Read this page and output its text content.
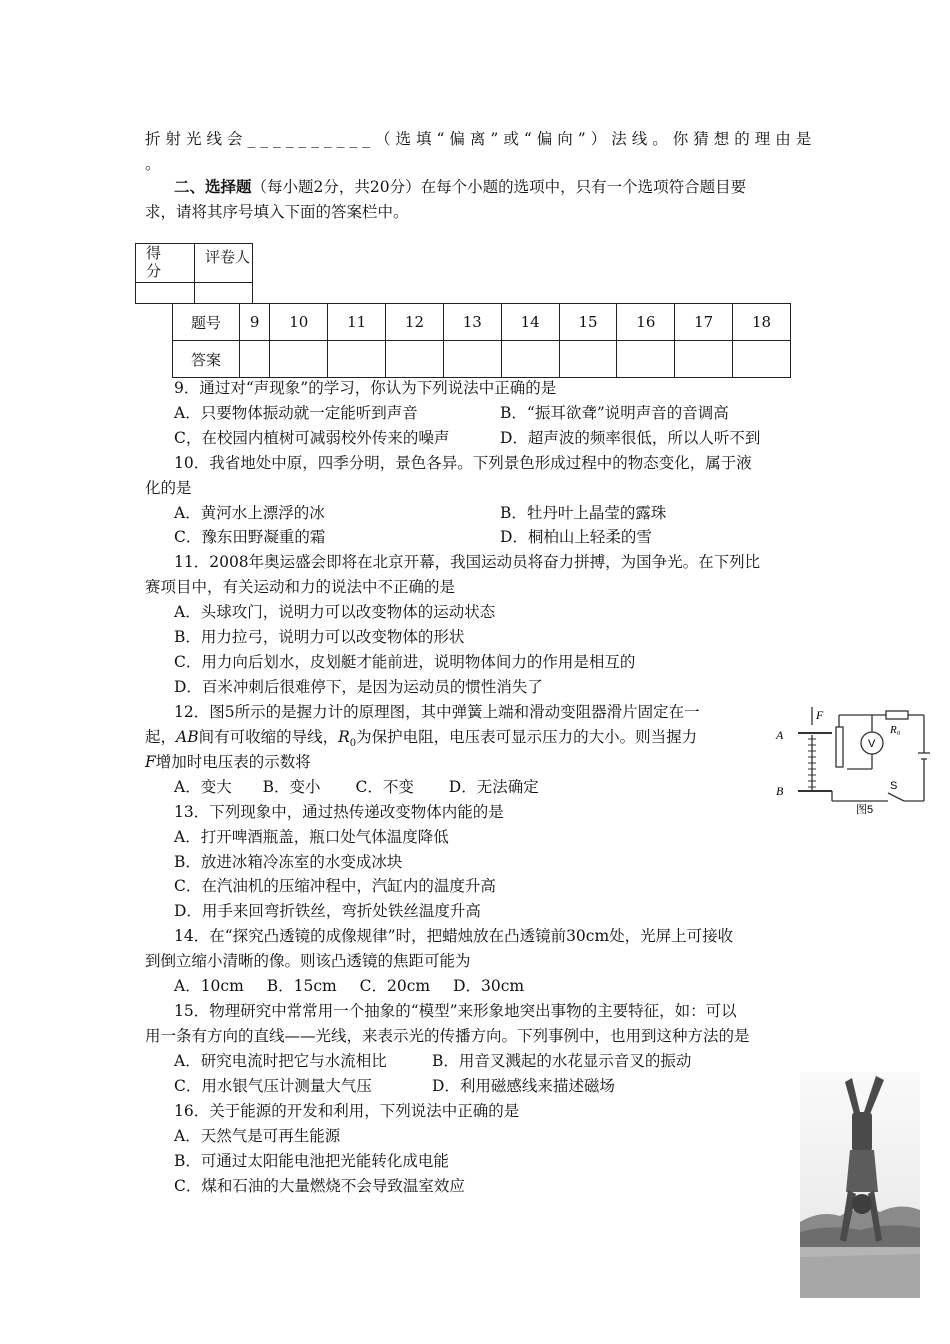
折射光线会__________（选填“偏离”或“偏向”）法线。你猜想的理由是
。
二、选择题（每小题2分，共20分）在每个小题的选项中，只有一个选项符合题目要
求，请将其序号填入下面的答案栏中。
得
分	评卷人

题号	9	10	11	12	13	14	15	16	17	18
答案										
9．通过对“声现象”的学习，你认为下列说法中正确的是
A．只要物体振动就一定能听到声音	B．“振耳欲聋”说明声音的音调高
C，在校园内植树可减弱校外传来的噪声	D．超声波的频率很低，所以人听不到
10．我省地处中原，四季分明，景色各异。下列景色形成过程中的物态变化，属于液
化的是
A．黄河水上漂浮的冰	B．牡丹叶上晶莹的露珠
C．豫东田野凝重的霜	D．桐柏山上轻柔的雪
11．2008年奥运盛会即将在北京开幕，我国运动员将奋力拼搏，为国争光。在下列比
赛项目中，有关运动和力的说法中不正确的是
A．头球攻门，说明力可以改变物体的运动状态
B．用力拉弓，说明力可以改变物体的形状
C．用力向后划水，皮划艇才能前进，说明物体间力的作用是相互的
D．百米冲刺后很难停下，是因为运动员的惯性消失了
12．图5所示的是握力计的原理图，其中弹簧上端和滑动变阻器滑片固定在一
起，AB间有可收缩的导线，$R_0$为保护电阻，电压表可显示压力的大小。则当握力
F增加时电压表的示数将
A．变大 B．变小 C．不变 D．无法确定
F
A
B
R₀
V
S
图5
13．下列现象中，通过热传递改变物体内能的是
A．打开啤酒瓶盖，瓶口处气体温度降低
B．放进冰箱冷冻室的水变成冰块
C．在汽油机的压缩冲程中，汽缸内的温度升高
D．用手来回弯折铁丝，弯折处铁丝温度升高
14．在“探究凸透镜的成像规律”时，把蜡烛放在凸透镜前30cm处，光屏上可接收
到倒立缩小清晰的像。则该凸透镜的焦距可能为
A．10cm B．15cm C．20cm D．30cm
15．物理研究中常常用一个抽象的“模型”来形象地突出事物的主要特征，如：可以
用一条有方向的直线——光线，来表示光的传播方向。下列事例中，也用到这种方法的是
A．研究电流时把它与水流相比	B．用音叉溅起的水花显示音叉的振动
C．用水银气压计测量大气压	D．利用磁感线来描述磁场
16．关于能源的开发和利用，下列说法中正确的是
A．天然气是可再生能源
B．可通过太阳能电池把光能转化成电能
C．煤和石油的大量燃烧不会导致温室效应
